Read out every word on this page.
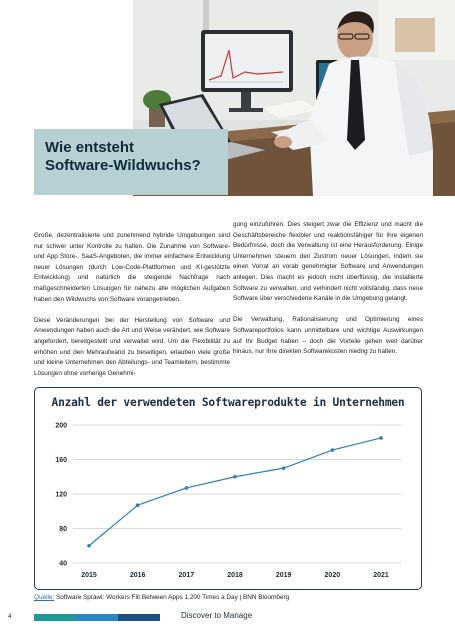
Wie entsteht
Software-Wildwuchs?

Große, dezentralisierte und zunehmend hybride Umgebungen sind nur schwer unter Kontrolle zu halten. Die Zunahme von Software- und App Store-, SaaS-Angeboten, die immer einfachere Entwicklung neuer Lösungen (durch Low-Code-Plattformen und KI-gestützte Entwicklung) und natürlich die steigende Nachfrage nach maßgeschneiderten Lösungen für nahezu alle möglichen Aufgaben haben den Wildwuchs von Software vorangetrieben.

Diese Veränderungen bei der Herstellung von Software und Anwendungen haben auch die Art und Weise verändert, wie Software angefordert, bereitgestellt und verwaltet wird. Um die Flexibilität zu erhöhen und den Mehraufwand zu beseitigen, erlauben viele große und kleine Unternehmen den Abteilungs- und Teamleitern, bestimmte Lösungen ohne vorherige Genehmi-

gung einzuführen. Dies steigert zwar die Effizienz und macht die Geschäftsbereiche flexibler und reaktionsfähiger für ihre eigenen Bedürfnisse, doch die Verwaltung ist eine Herausforderung. Einige Unternehmen steuern den Zustrom neuer Lösungen, indem sie einen Vorrat an vorab genehmigter Software und Anwendungen anlegen. Dies macht es jedoch nicht überflüssig, die installierte Software zu verwalten, und verhindert nicht vollständig, dass neue Software über verschiedene Kanäle in die Umgebung gelangt.

Die Verwaltung, Rationalisierung und Optimierung eines Softwareportfolios kann unmittelbare und wichtige Auswirkungen auf Ihr Budget haben – doch die Vorteile gehen weit darüber hinaus, nur Ihre direkten Softwarekosten niedrig zu halten.

Anzahl der verwendeten Softwareprodukte in Unternehmen
200
160
120
80
40
2015	2016	2017	2018	2019	2020	2021
Quelle: Software Sprawl: Workers Flit Between Apps 1,200 Times a Day | BNN Bloomberg
4	Discover to Manage
